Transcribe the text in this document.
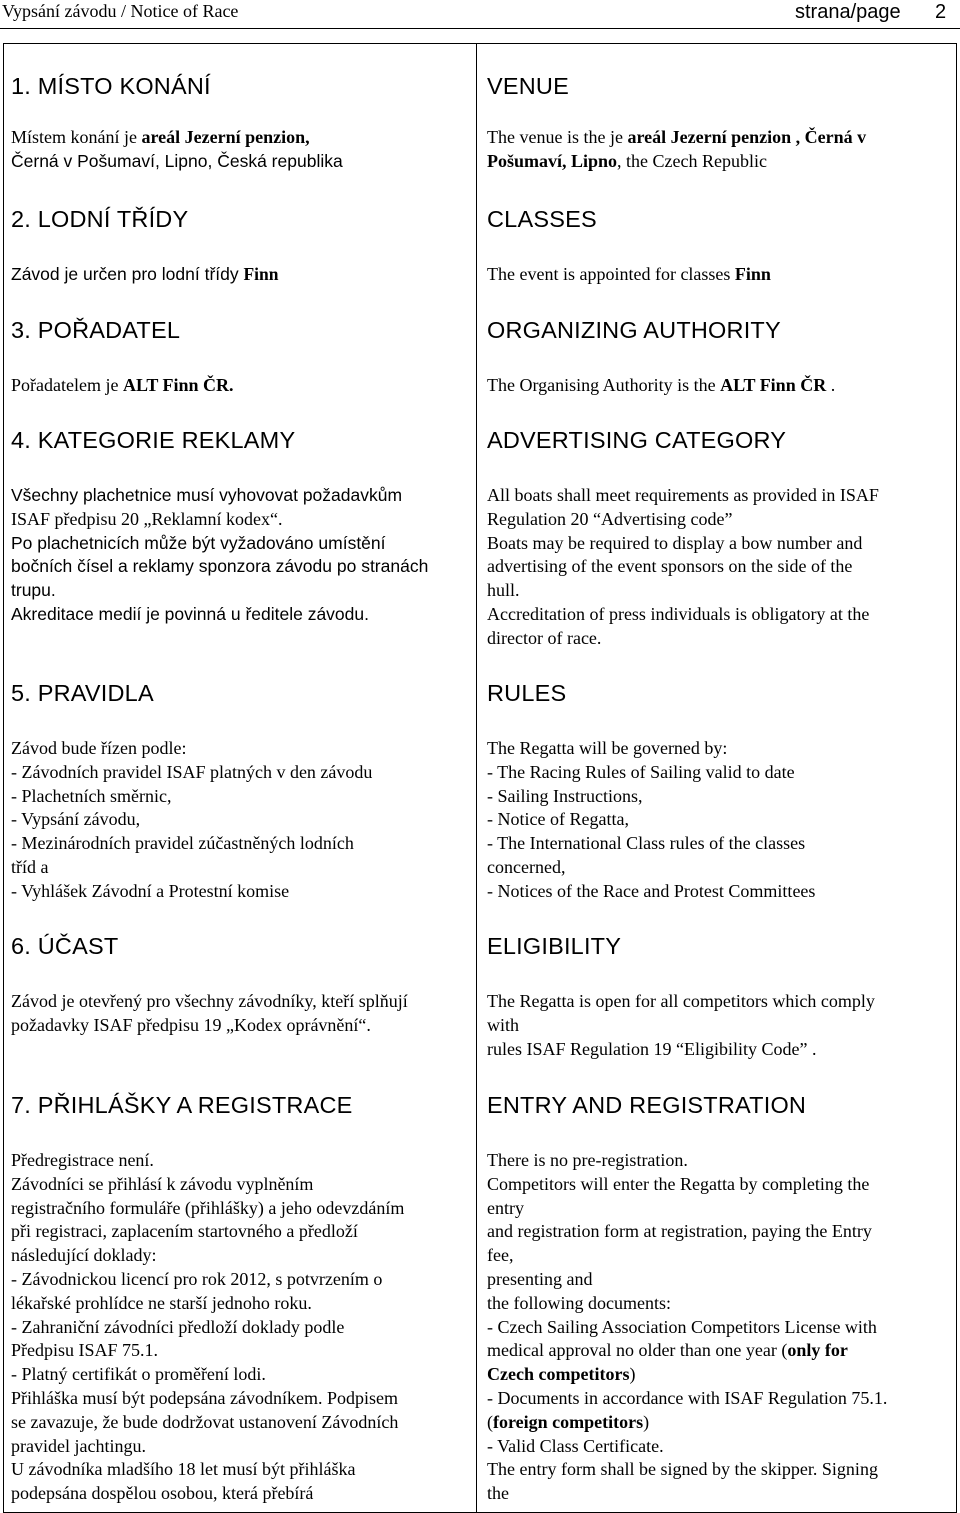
Vypsání závodu / Notice of Race	strana/page 2
1. MÍSTO KONÁNÍ
Místem konání je areál Jezerní penzion,
Černá v Pošumaví, Lipno, Česká republika
VENUE
The venue is the je areál Jezerní penzion , Černá v
Pošumaví, Lipno, the Czech Republic
2. LODNÍ TŘÍDY
Závod je určen pro lodní třídy Finn
CLASSES
The event is appointed for classes Finn
3. POŘADATEL
Pořadatelem je ALT Finn ČR.
ORGANIZING AUTHORITY
The Organising Authority is the ALT Finn ČR .
4. KATEGORIE REKLAMY
Všechny plachetnice musí vyhovovat požadavkům
ISAF předpisu 20 „Reklamní kodex“.
Po plachetnicích může být vyžadováno umístění
bočních čísel a reklamy sponzora závodu po stranách
trupu.
Akreditace medií je povinná u ředitele závodu.
ADVERTISING CATEGORY
All boats shall meet requirements as provided in ISAF
Regulation 20 “Advertising code”
Boats may be required to display a bow number and
advertising of the event sponsors on the side of the
hull.
Accreditation of press individuals is obligatory at the
director of race.
5. PRAVIDLA
Závod bude řízen podle:
- Závodních pravidel ISAF platných v den závodu
- Plachetních směrnic,
- Vypsání závodu,
- Mezinárodních pravidel zúčastněných lodních
tříd a
- Vyhlášek Závodní a Protestní komise
RULES
The Regatta will be governed by:
- The Racing Rules of Sailing valid to date
- Sailing Instructions,
- Notice of Regatta,
- The International Class rules of the classes
concerned,
- Notices of the Race and Protest Committees
6. ÚČAST
Závod je otevřený pro všechny závodníky, kteří splňují
požadavky ISAF předpisu 19 „Kodex oprávnění“.
ELIGIBILITY
The Regatta is open for all competitors which comply
with
rules ISAF Regulation 19 “Eligibility Code” .
7. PŘIHLÁŠKY A REGISTRACE
Předregistrace není.
Závodníci se přihlásí k závodu vyplněním
registračního formuláře (přihlášky) a jeho odevzdáním
při registraci, zaplacením startovného a předloží
následující doklady:
- Závodnickou licencí pro rok 2012, s potvrzením o
lékařské prohlídce ne starší jednoho roku.
- Zahraniční závodníci předloží doklady podle
Předpisu ISAF 75.1.
- Platný certifikát o proměření lodi.
Přihláška musí být podepsána závodníkem. Podpisem
se zavazuje, že bude dodržovat ustanovení Závodních
pravidel jachtingu.
U závodníka mladšího 18 let musí být přihláška
podepsána dospělou osobou, která přebírá
ENTRY AND REGISTRATION
There is no pre-registration.
Competitors will enter the Regatta by completing the
entry
and registration form at registration, paying the Entry
fee,
presenting and
the following documents:
- Czech Sailing Association Competitors License with
medical approval no older than one year (only for
Czech competitors)
- Documents in accordance with ISAF Regulation 75.1.
(foreign competitors)
- Valid Class Certificate.
The entry form shall be signed by the skipper. Signing
the
